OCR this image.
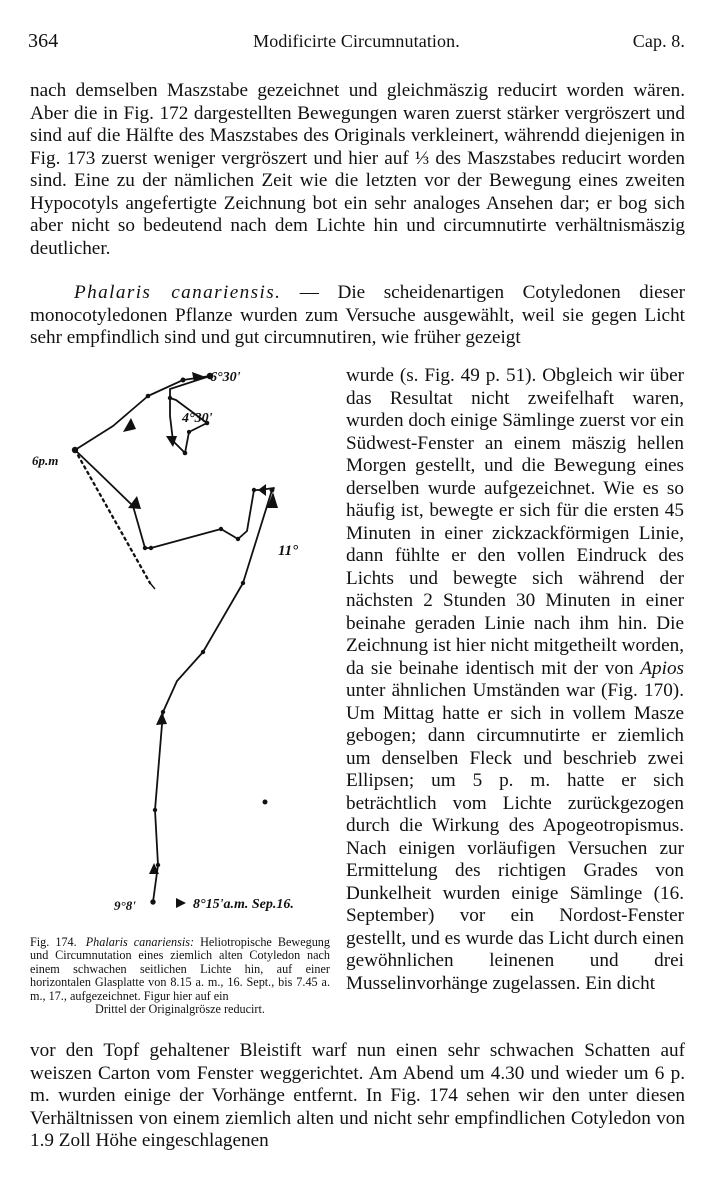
364	Modificirte Circumnutation.	Cap. 8.

nach demselben Maszstabe gezeichnet und gleichmäszig reducirt worden wären. Aber die in Fig. 172 dargestellten Bewegungen waren zuerst stärker vergröszert und sind auf die Hälfte des Maszstabes des Originals verkleinert, währendd diejenigen in Fig. 173 zuerst weniger vergröszert und hier auf ⅓ des Maszstabes reducirt worden sind. Eine zu der nämlichen Zeit wie die letzten vor der Bewegung eines zweiten Hypocotyls angefertigte Zeichnung bot ein sehr analoges Ansehen dar; er bog sich aber nicht so bedeutend nach dem Lichte hin und circumnutirte verhältnismäszig deutlicher.

Phalaris canariensis. — Die scheidenartigen Cotyledonen dieser monocotyledonen Pflanze wurden zum Versuche ausgewählt, weil sie gegen Licht sehr empfindlich sind und gut circumnutiren, wie früher gezeigt

6°30'
4°30'
6p.m
11°
9°8'	8°15'a.m. Sep.16.
Fig. 174. Phalaris canariensis: Heliotropische Bewegung und Circumnutation eines ziemlich alten Cotyledon nach einem schwachen seitlichen Lichte hin, auf einer horizontalen Glasplatte von 8.15 a. m., 16. Sept., bis 7.45 a. m., 17., aufgezeichnet. Figur hier auf ein
Drittel der Originalgrösze reducirt.

wurde (s. Fig. 49 p. 51). Obgleich wir über das Resultat nicht zweifelhaft waren, wurden doch einige Sämlinge zuerst vor ein Südwest-Fenster an einem mäszig hellen Morgen gestellt, und die Bewegung eines derselben wurde aufgezeichnet. Wie es so häufig ist, bewegte er sich für die ersten 45 Minuten in einer zickzackförmigen Linie, dann fühlte er den vollen Eindruck des Lichts und bewegte sich während der nächsten 2 Stunden 30 Minuten in einer beinahe geraden Linie nach ihm hin. Die Zeichnung ist hier nicht mitgetheilt worden, da sie beinahe identisch mit der von Apios unter ähnlichen Umständen war (Fig. 170). Um Mittag hatte er sich in vollem Masze gebogen; dann circumnutirte er ziemlich um denselben Fleck und beschrieb zwei Ellipsen; um 5 p. m. hatte er sich beträchtlich vom Lichte zurückgezogen durch die Wirkung des Apogeotropismus. Nach einigen vorläufigen Versuchen zur Ermittelung des richtigen Grades von Dunkelheit wurden einige Sämlinge (16. September) vor ein Nordost-Fenster gestellt, und es wurde das Licht durch einen gewöhnlichen leinenen und drei Musselinvorhänge zugelassen. Ein dicht

vor den Topf gehaltener Bleistift warf nun einen sehr schwachen Schatten auf weiszen Carton vom Fenster weggerichtet. Am Abend um 4.30 und wieder um 6 p. m. wurden einige der Vorhänge entfernt. In Fig. 174 sehen wir den unter diesen Verhältnissen von einem ziemlich alten und nicht sehr empfindlichen Cotyledon von 1.9 Zoll Höhe eingeschlagenen
